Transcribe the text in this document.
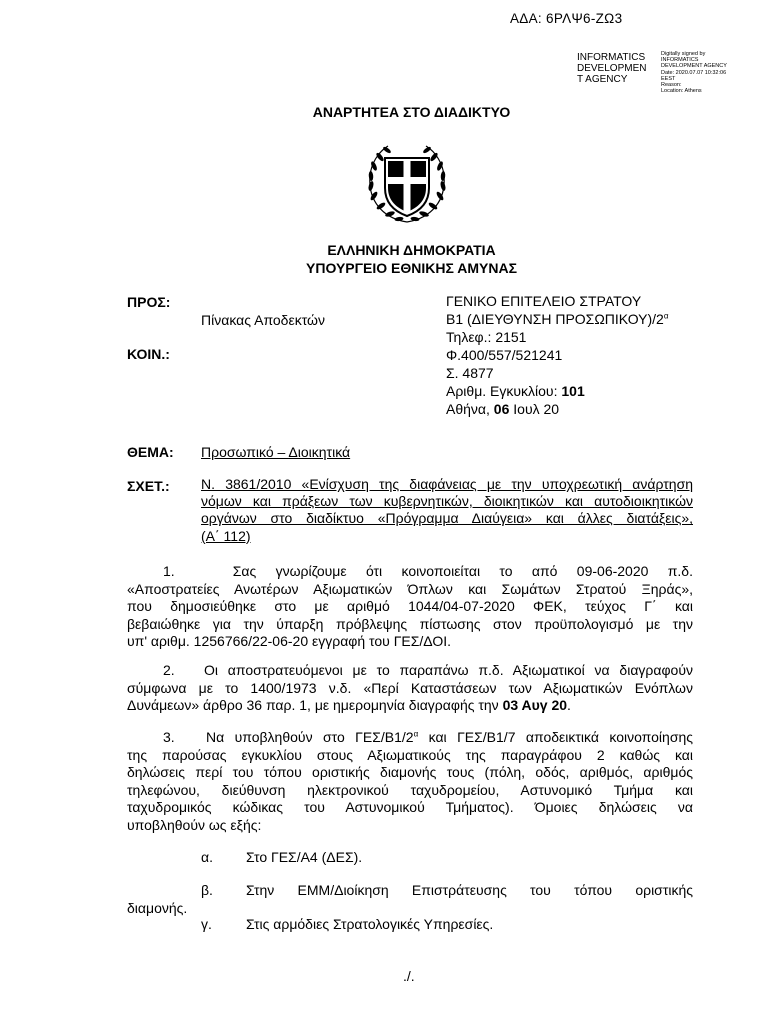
ΑΔΑ: 6ΡΛΨ6-ΖΩ3
INFORMATICS
DEVELOPMEN
T AGENCY
Digitally signed by
INFORMATICS
DEVELOPMENT AGENCY
Date: 2020.07.07 10:32:06
EEST
Reason:
Location: Athens
ΑΝΑΡΤΗΤΕΑ ΣΤΟ ΔΙΑΔΙΚΤΥΟ
ΕΛΛΗΝΙΚΗ ΔΗΜΟΚΡΑΤΙΑ
ΥΠΟΥΡΓΕΙΟ ΕΘΝΙΚΗΣ ΑΜΥΝΑΣ
ΠΡΟΣ:
Πίνακας Αποδεκτών
ΚΟΙΝ.:
ΓΕΝΙΚΟ ΕΠΙΤΕΛΕΙΟ ΣΤΡΑΤΟΥ
Β1 (ΔΙΕΥΘΥΝΣΗ $\Pi PO\Sigma\Omega\Pi IKO\Upsilon)/2^\alpha$
Τηλεφ.: 2151
Φ.400/557/521241
Σ. 4877
Αριθμ. Εγκυκλίου: 101
Αθήνα, 06 Ιουλ 20
ΘΕΜΑ: Προσωπικό – Διοικητικά
ΣΧΕΤ.: Ν. 3861/2010 «Ενίσχυση της διαφάνειας με την υποχρεωτική ανάρτηση
νόμων και πράξεων των κυβερνητικών, διοικητικών και αυτοδιοικητικών
οργάνων στο διαδίκτυο «Πρόγραμμα Διαύγεια» και άλλες διατάξεις»,
(Α΄ 112)
1.	Σας γνωρίζουμε ότι κοινοποιείται το από 09-06-2020 π.δ.
«Αποστρατείες Ανωτέρων Αξιωματικών Όπλων και Σωμάτων Στρατού Ξηράς»,
που δημοσιεύθηκε στο με αριθμό 1044/04-07-2020 ΦΕΚ, τεύχος Γ΄ και
βεβαιώθηκε για την ύπαρξη πρόβλεψης πίστωσης στον προϋπολογισμό με την
υπ' αριθμ. 1256766/22-06-20 εγγραφή του ΓΕΣ/ΔΟΙ.
2. Οι αποστρατευόμενοι με το παραπάνω π.δ. Αξιωματικοί να διαγραφούν
σύμφωνα με το 1400/1973 ν.δ. «Περί Καταστάσεων των Αξιωματικών Ενόπλων
Δυνάμεων» άρθρο 36 παρ. 1, με ημερομηνία διαγραφής την 03 Αυγ 20.
3. Να υποβληθούν στο ΓΕΣ/$B1/2^\alpha$ και ΓΕΣ/Β1/7 αποδεικτικά κοινοποίησης
της παρούσας εγκυκλίου στους Αξιωματικούς της παραγράφου 2 καθώς και
δηλώσεις περί του τόπου οριστικής διαμονής τους (πόλη, οδός, αριθμός, αριθμός
τηλεφώνου, διεύθυνση ηλεκτρονικού ταχυδρομείου, Αστυνομικό Τμήμα και
ταχυδρομικός κώδικας του Αστυνομικού Τμήματος). Όμοιες δηλώσεις να
υποβληθούν ως εξής:
α. Στο ΓΕΣ/Α4 (ΔΕΣ).
β. Στην ΕΜΜ/Διοίκηση Επιστράτευσης του τόπου οριστικής
διαμονής.
γ. Στις αρμόδιες Στρατολογικές Υπηρεσίες.
./.
